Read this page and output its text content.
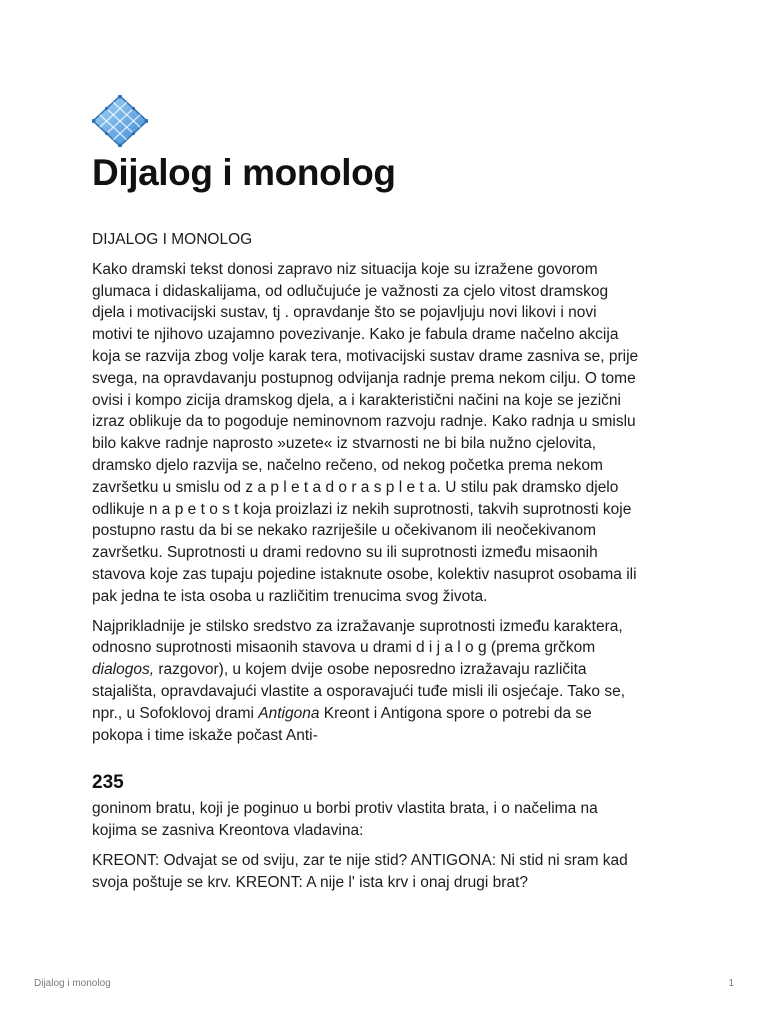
Dijalog i monolog

DIJALOG I MONOLOG

Kako dramski tekst donosi zapravo niz situacija koje su izražene govorom
glumaca i didaskalijama, od odlučujuće je važnosti za cjelo vitost dramskog
djela i motivacijski sustav, tj . opravdanje što se pojavljuju novi likovi i novi
motivi te njihovo uzajamno povezivanje. Kako je fabula drame načelno akcija
koja se razvija zbog volje karak tera, motivacijski sustav drame zasniva se, prije
svega, na opravdavanju postupnog odvijanja radnje prema nekom cilju. O tome
ovisi i kompo zicija dramskog djela, a i karakteristični načini na koje se jezični
izraz oblikuje da to pogoduje neminovnom razvoju radnje. Kako radnja u smislu
bilo kakve radnje naprosto »uzete« iz stvarnosti ne bi bila nužno cjelovita,
dramsko djelo razvija se, načelno rečeno, od nekog početka prema nekom
završetku u smislu od z a p l e t a d o r a s p l e t a. U stilu pak dramsko djelo
odlikuje n a p e t o s t koja proizlazi iz nekih suprotnosti, takvih suprotnosti koje
postupno rastu da bi se nekako razriješile u očekivanom ili neočekivanom
završetku. Suprotnosti u drami redovno su ili suprotnosti između misaonih
stavova koje zas tupaju pojedine istaknute osobe, kolektiv nasuprot osobama ili
pak jedna te ista osoba u različitim trenucima svog života.

Najprikladnije je stilsko sredstvo za izražavanje suprotnosti između karaktera,
odnosno suprotnosti misaonih stavova u drami d i j a l o g (prema grčkom
dialogos, razgovor), u kojem dvije osobe neposredno izražavaju različita
stajališta, opravdavajući vlastite a osporavajući tuđe misli ili osjećaje. Tako se,
npr., u Sofoklovoj drami Antigona Kreont i Antigona spore o potrebi da se
pokopa i time iskaže počast Anti-

235

goninom bratu, koji je poginuo u borbi protiv vlastita brata, i o načelima na
kojima se zasniva Kreontova vladavina:

KREONT: Odvajat se od sviju, zar te nije stid? ANTIGONA: Ni stid ni sram kad
svoja poštuje se krv. KREONT: A nije l' ista krv i onaj drugi brat?

Dijalog i monolog	1
